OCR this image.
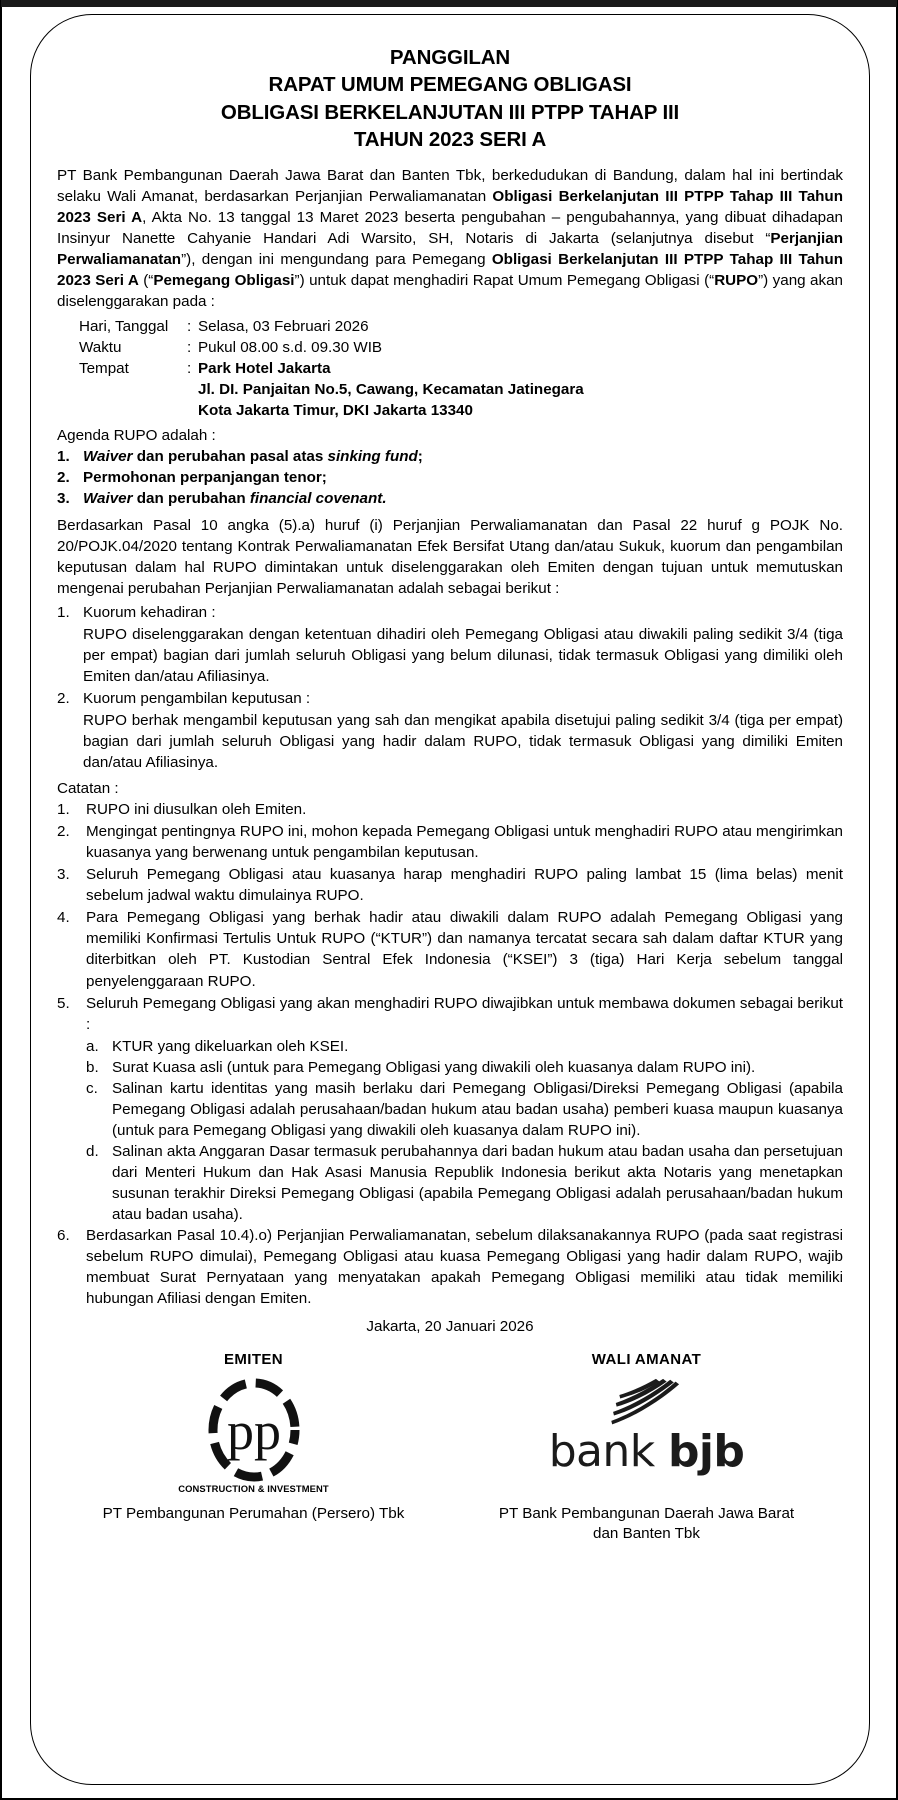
PANGGILAN
RAPAT UMUM PEMEGANG OBLIGASI
OBLIGASI BERKELANJUTAN III PTPP TAHAP III
TAHUN 2023 SERI A

PT Bank Pembangunan Daerah Jawa Barat dan Banten Tbk, berkedudukan di Bandung, dalam hal ini bertindak selaku Wali Amanat, berdasarkan Perjanjian Perwaliamanatan Obligasi Berkelanjutan III PTPP Tahap III Tahun 2023 Seri A, Akta No. 13 tanggal 13 Maret 2023 beserta pengubahan – pengubahannya, yang dibuat dihadapan Insinyur Nanette Cahyanie Handari Adi Warsito, SH, Notaris di Jakarta (selanjutnya disebut “Perjanjian Perwaliamanatan”), dengan ini mengundang para Pemegang Obligasi Berkelanjutan III PTPP Tahap III Tahun 2023 Seri A (“Pemegang Obligasi”) untuk dapat menghadiri Rapat Umum Pemegang Obligasi (“RUPO”) yang akan diselenggarakan pada :

Hari, Tanggal	: Selasa, 03 Februari 2026
Waktu	: Pukul 08.00 s.d. 09.30 WIB
Tempat	: Park Hotel Jakarta
Jl. DI. Panjaitan No.5, Cawang, Kecamatan Jatinegara
Kota Jakarta Timur, DKI Jakarta 13340

Agenda RUPO adalah :

1. Waiver dan perubahan pasal atas sinking fund;
2. Permohonan perpanjangan tenor;
3. Waiver dan perubahan financial covenant.

Berdasarkan Pasal 10 angka (5).a) huruf (i) Perjanjian Perwaliamanatan dan Pasal 22 huruf g POJK No. 20/POJK.04/2020 tentang Kontrak Perwaliamanatan Efek Bersifat Utang dan/atau Sukuk, kuorum dan pengambilan keputusan dalam hal RUPO dimintakan untuk diselenggarakan oleh Emiten dengan tujuan untuk memutuskan mengenai perubahan Perjanjian Perwaliamanatan adalah sebagai berikut :

1. Kuorum kehadiran :
RUPO diselenggarakan dengan ketentuan dihadiri oleh Pemegang Obligasi atau diwakili paling sedikit 3/4 (tiga per empat) bagian dari jumlah seluruh Obligasi yang belum dilunasi, tidak termasuk Obligasi yang dimiliki oleh Emiten dan/atau Afiliasinya.
2. Kuorum pengambilan keputusan :
RUPO berhak mengambil keputusan yang sah dan mengikat apabila disetujui paling sedikit 3/4 (tiga per empat) bagian dari jumlah seluruh Obligasi yang hadir dalam RUPO, tidak termasuk Obligasi yang dimiliki Emiten dan/atau Afiliasinya.

Catatan :

1.	RUPO ini diusulkan oleh Emiten.
2.	Mengingat pentingnya RUPO ini, mohon kepada Pemegang Obligasi untuk menghadiri RUPO atau mengirimkan kuasanya yang berwenang untuk pengambilan keputusan.
3.	Seluruh Pemegang Obligasi atau kuasanya harap menghadiri RUPO paling lambat 15 (lima belas) menit sebelum jadwal waktu dimulainya RUPO.
4.	Para Pemegang Obligasi yang berhak hadir atau diwakili dalam RUPO adalah Pemegang Obligasi yang memiliki Konfirmasi Tertulis Untuk RUPO (“KTUR”) dan namanya tercatat secara sah dalam daftar KTUR yang diterbitkan oleh PT. Kustodian Sentral Efek Indonesia (“KSEI”) 3 (tiga) Hari Kerja sebelum tanggal penyelenggaraan RUPO.
5.	Seluruh Pemegang Obligasi yang akan menghadiri RUPO diwajibkan untuk membawa dokumen sebagai berikut :
a. KTUR yang dikeluarkan oleh KSEI.
b. Surat Kuasa asli (untuk para Pemegang Obligasi yang diwakili oleh kuasanya dalam RUPO ini).
c. Salinan kartu identitas yang masih berlaku dari Pemegang Obligasi/Direksi Pemegang Obligasi (apabila Pemegang Obligasi adalah perusahaan/badan hukum atau badan usaha) pemberi kuasa maupun kuasanya (untuk para Pemegang Obligasi yang diwakili oleh kuasanya dalam RUPO ini).
d. Salinan akta Anggaran Dasar termasuk perubahannya dari badan hukum atau badan usaha dan persetujuan dari Menteri Hukum dan Hak Asasi Manusia Republik Indonesia berikut akta Notaris yang menetapkan susunan terakhir Direksi Pemegang Obligasi (apabila Pemegang Obligasi adalah perusahaan/badan hukum atau badan usaha).
6.	Berdasarkan Pasal 10.4).o) Perjanjian Perwaliamanatan, sebelum dilaksanakannya RUPO (pada saat registrasi sebelum RUPO dimulai), Pemegang Obligasi atau kuasa Pemegang Obligasi yang hadir dalam RUPO, wajib membuat Surat Pernyataan yang menyatakan apakah Pemegang Obligasi memiliki atau tidak memiliki hubungan Afiliasi dengan Emiten.

Jakarta, 20 Januari 2026

EMITEN
pp
CONSTRUCTION & INVESTMENT
PT Pembangunan Perumahan (Persero) Tbk
WALI AMANAT
bank bjb
PT Bank Pembangunan Daerah Jawa Barat
dan Banten Tbk
